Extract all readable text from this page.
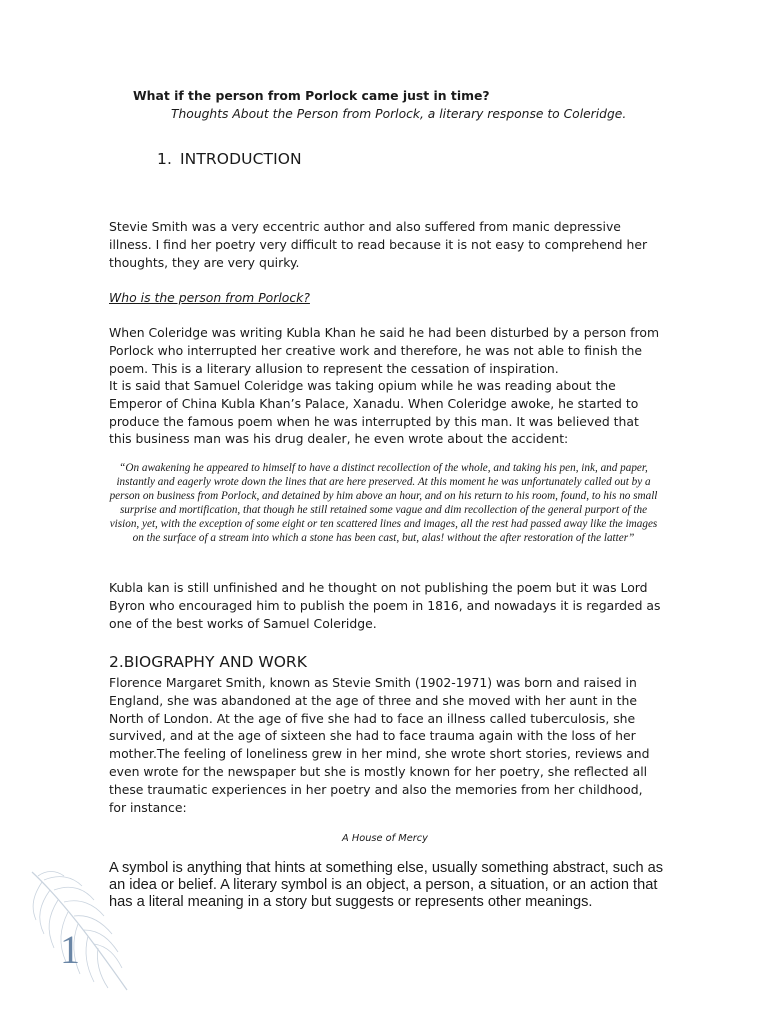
What if the person from Porlock came just in time?
Thoughts About the Person from Porlock, a literary response to Coleridge.
1. INTRODUCTION
Stevie Smith was a very eccentric author and also suffered from manic depressive illness. I find her poetry very difficult to read because it is not easy to comprehend her thoughts, they are very quirky.
Who is the person from Porlock?
When Coleridge was writing Kubla Khan he said he had been disturbed by a person from Porlock who interrupted her creative work and therefore, he was not able to finish the poem. This is a literary allusion to represent the cessation of inspiration.
It is said that Samuel Coleridge was taking opium while he was reading about the Emperor of China Kubla Khan’s Palace, Xanadu. When Coleridge awoke, he started to produce the famous poem when he was interrupted by this man. It was believed that this business man was his drug dealer, he even wrote about the accident:
“On awakening he appeared to himself to have a distinct recollection of the whole, and taking his pen, ink, and paper, instantly and eagerly wrote down the lines that are here preserved. At this moment he was unfortunately called out by a person on business from Porlock, and detained by him above an hour, and on his return to his room, found, to his no small surprise and mortification, that though he still retained some vague and dim recollection of the general purport of the vision, yet, with the exception of some eight or ten scattered lines and images, all the rest had passed away like the images on the surface of a stream into which a stone has been cast, but, alas! without the after restoration of the latter”
Kubla kan is still unfinished and he thought on not publishing the poem but it was Lord Byron who encouraged him to publish the poem in 1816, and nowadays it is regarded as one of the best works of Samuel Coleridge.
2.BIOGRAPHY AND WORK
Florence Margaret Smith, known as Stevie Smith (1902-1971) was born and raised in England, she was abandoned at the age of three and she moved with her aunt in the North of London. At the age of five she had to face an illness called tuberculosis, she survived, and at the age of sixteen she had to face trauma again with the loss of her mother.The feeling of loneliness grew in her mind, she wrote short stories, reviews and even wrote for the newspaper but she is mostly known for her poetry, she reflected all these traumatic experiences in her poetry and also the memories from her childhood, for instance:
A House of Mercy
A symbol is anything that hints at something else, usually something abstract, such as an idea or belief. A literary symbol is an object, a person, a situation, or an action that has a literal meaning in a story but suggests or represents other meanings.
1
